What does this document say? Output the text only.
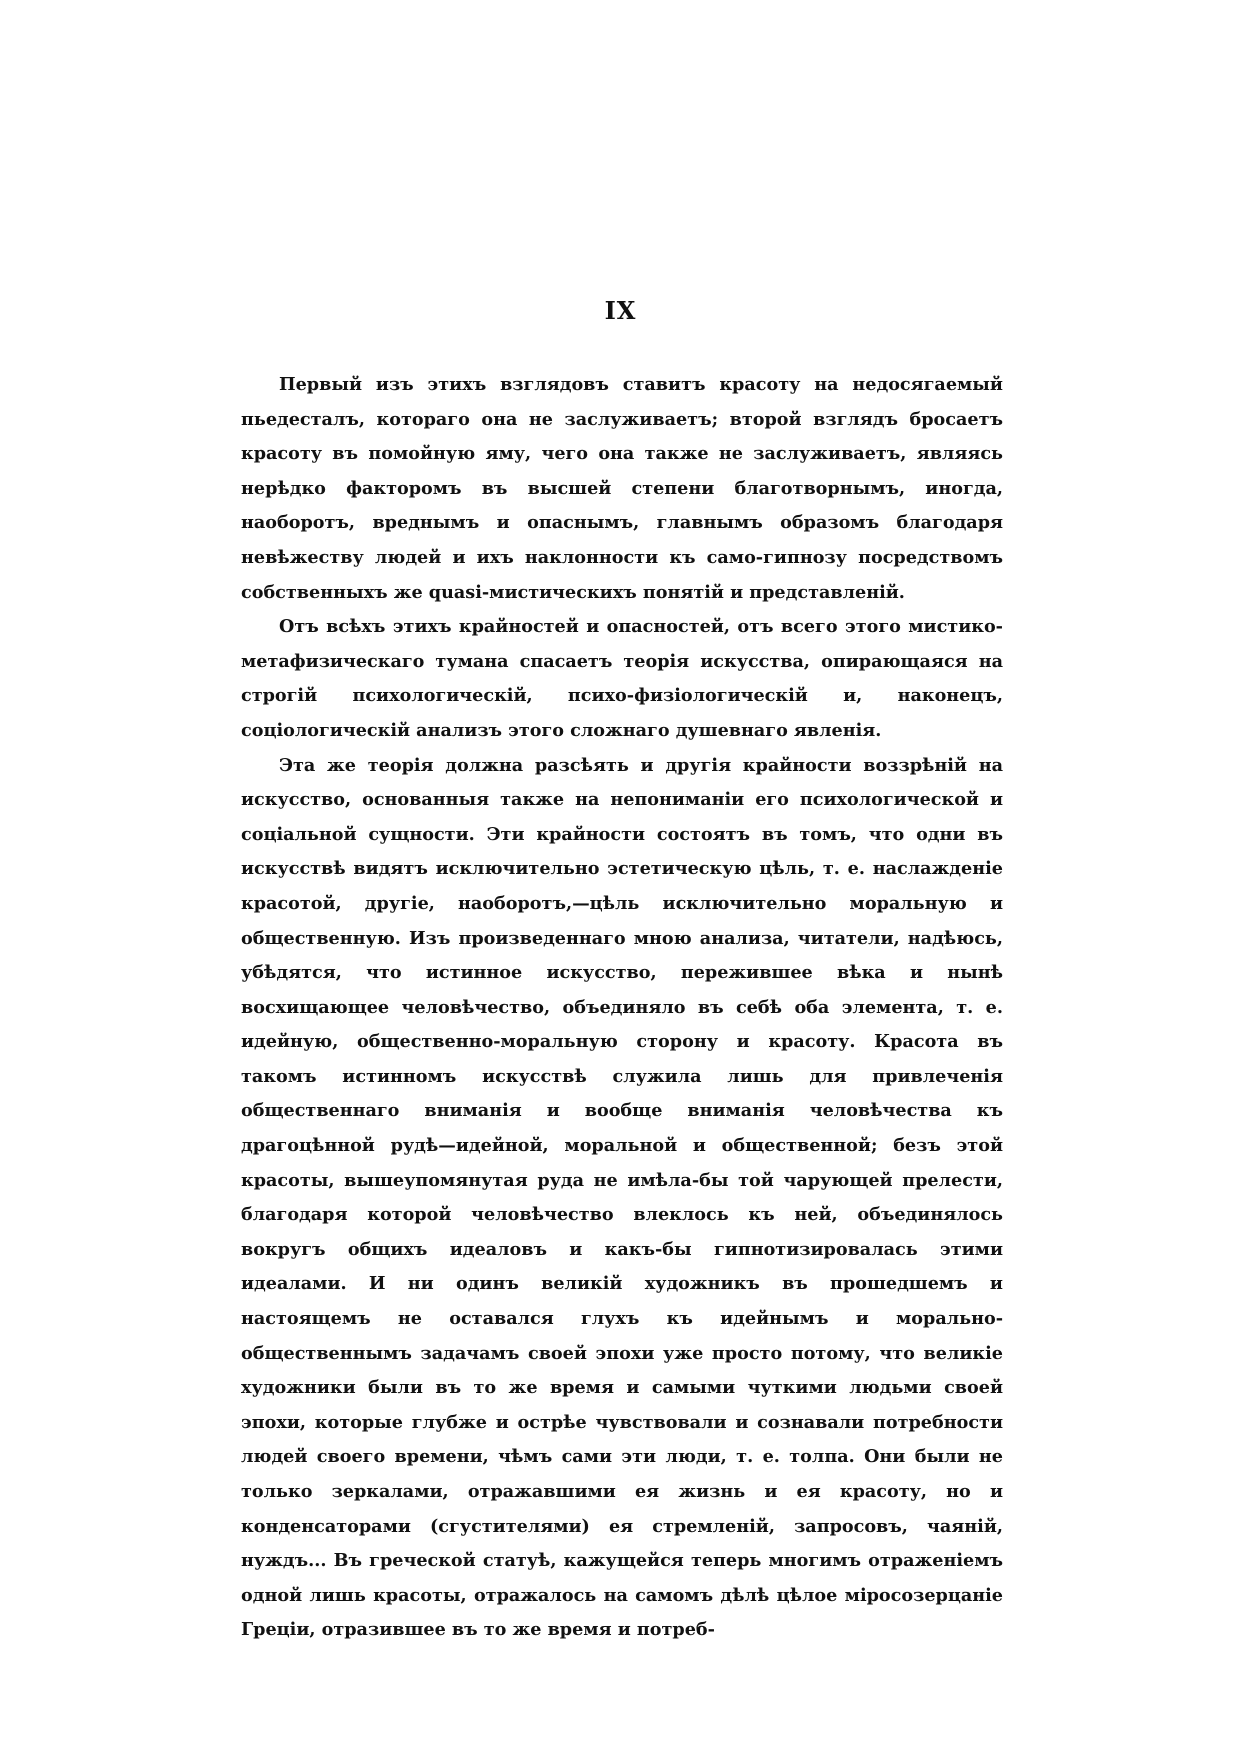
IX

Первый изъ этихъ взглядовъ ставитъ красоту на недосягаемый пьедесталъ, котораго она не заслуживаетъ; второй взглядъ бросаетъ красоту въ помойную яму, чего она также не заслуживаетъ, являясь нерѣдко факторомъ въ высшей степени благотворнымъ, иногда, наоборотъ, вреднымъ и опаснымъ, главнымъ образомъ благодаря невѣжеству людей и ихъ наклонности къ само-гипнозу посредствомъ собственныхъ же quasi-мистическихъ понятій и представленій.

Отъ всѣхъ этихъ крайностей и опасностей, отъ всего этого мистико-метафизическаго тумана спасаетъ теорія искусства, опирающаяся на строгій психологическій, психо-физіологическій и, наконецъ, соціологическій анализъ этого сложнаго душевнаго явленія.

Эта же теорія должна разсѣять и другія крайности воззрѣній на искусство, основанныя также на непониманіи его психологической и соціальной сущности. Эти крайности состоятъ въ томъ, что одни въ искусствѣ видятъ исключительно эстетическую цѣль, т. е. наслажденіе красотой, другіе, наоборотъ,—цѣль исключительно моральную и общественную. Изъ произведеннаго мною анализа, читатели, надѣюсь, убѣдятся, что истинное искусство, пережившее вѣка и нынѣ восхищающее человѣчество, объединяло въ себѣ оба элемента, т. е. идейную, общественно-моральную сторону и красоту. Красота въ такомъ истинномъ искусствѣ служила лишь для привлеченія общественнаго вниманія и вообще вниманія человѣчества къ драгоцѣнной рудѣ—идейной, моральной и общественной; безъ этой красоты, вышеупомянутая руда не имѣла-бы той чарующей прелести, благодаря которой человѣчество влеклось къ ней, объединялось вокругъ общихъ идеаловъ и какъ-бы гипнотизировалась этими идеалами. И ни одинъ великій художникъ въ прошедшемъ и настоящемъ не оставался глухъ къ идейнымъ и морально-общественнымъ задачамъ своей эпохи уже просто потому, что великіе художники были въ то же время и самыми чуткими людьми своей эпохи, которые глубже и острѣе чувствовали и сознавали потребности людей своего времени, чѣмъ сами эти люди, т. е. толпа. Они были не только зеркалами, отражавшими ея жизнь и ея красоту, но и конденсаторами (сгустителями) ея стремленій, запросовъ, чаяній, нуждъ... Въ греческой статуѣ, кажущейся теперь многимъ отраженіемъ одной лишь красоты, отражалось на самомъ дѣлѣ цѣлое міросозерцаніе Греціи, отразившее въ то же время и потреб-
